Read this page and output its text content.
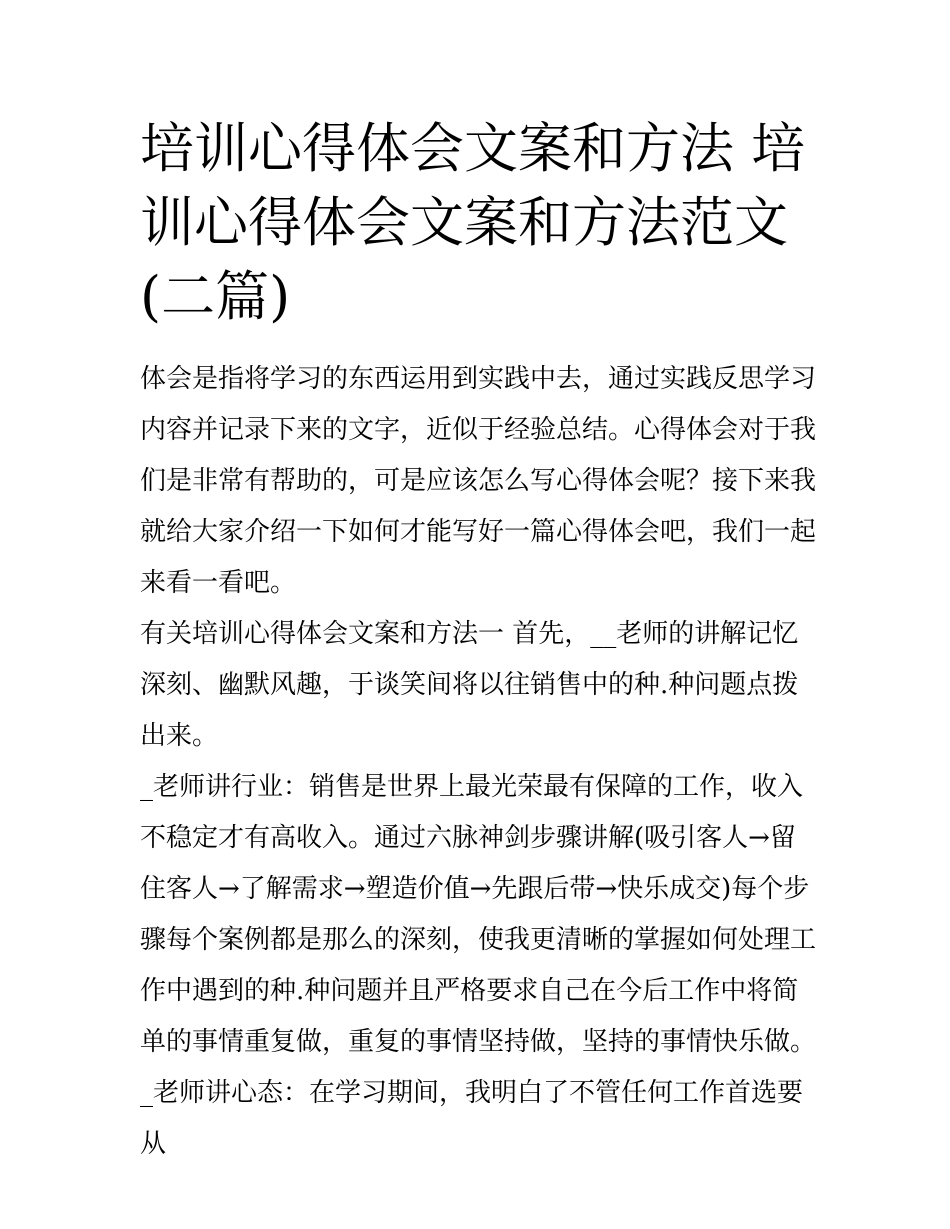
培训心得体会文案和方法 培训心得体会文案和方法范文(二篇)

体会是指将学习的东西运用到实践中去，通过实践反思学习内容并记录下来的文字，近似于经验总结。心得体会对于我们是非常有帮助的，可是应该怎么写心得体会呢？接下来我就给大家介绍一下如何才能写好一篇心得体会吧，我们一起来看一看吧。

有关培训心得体会文案和方法一 首先，__老师的讲解记忆深刻、幽默风趣，于谈笑间将以往销售中的种.种问题点拨出来。

_老师讲行业：销售是世界上最光荣最有保障的工作，收入不稳定才有高收入。通过六脉神剑步骤讲解(吸引客人→留住客人→了解需求→塑造价值→先跟后带→快乐成交)每个步骤每个案例都是那么的深刻，使我更清晰的掌握如何处理工作中遇到的种.种问题并且严格要求自己在今后工作中将简单的事情重复做，重复的事情坚持做，坚持的事情快乐做。

_老师讲心态：在学习期间，我明白了不管任何工作首选要从
